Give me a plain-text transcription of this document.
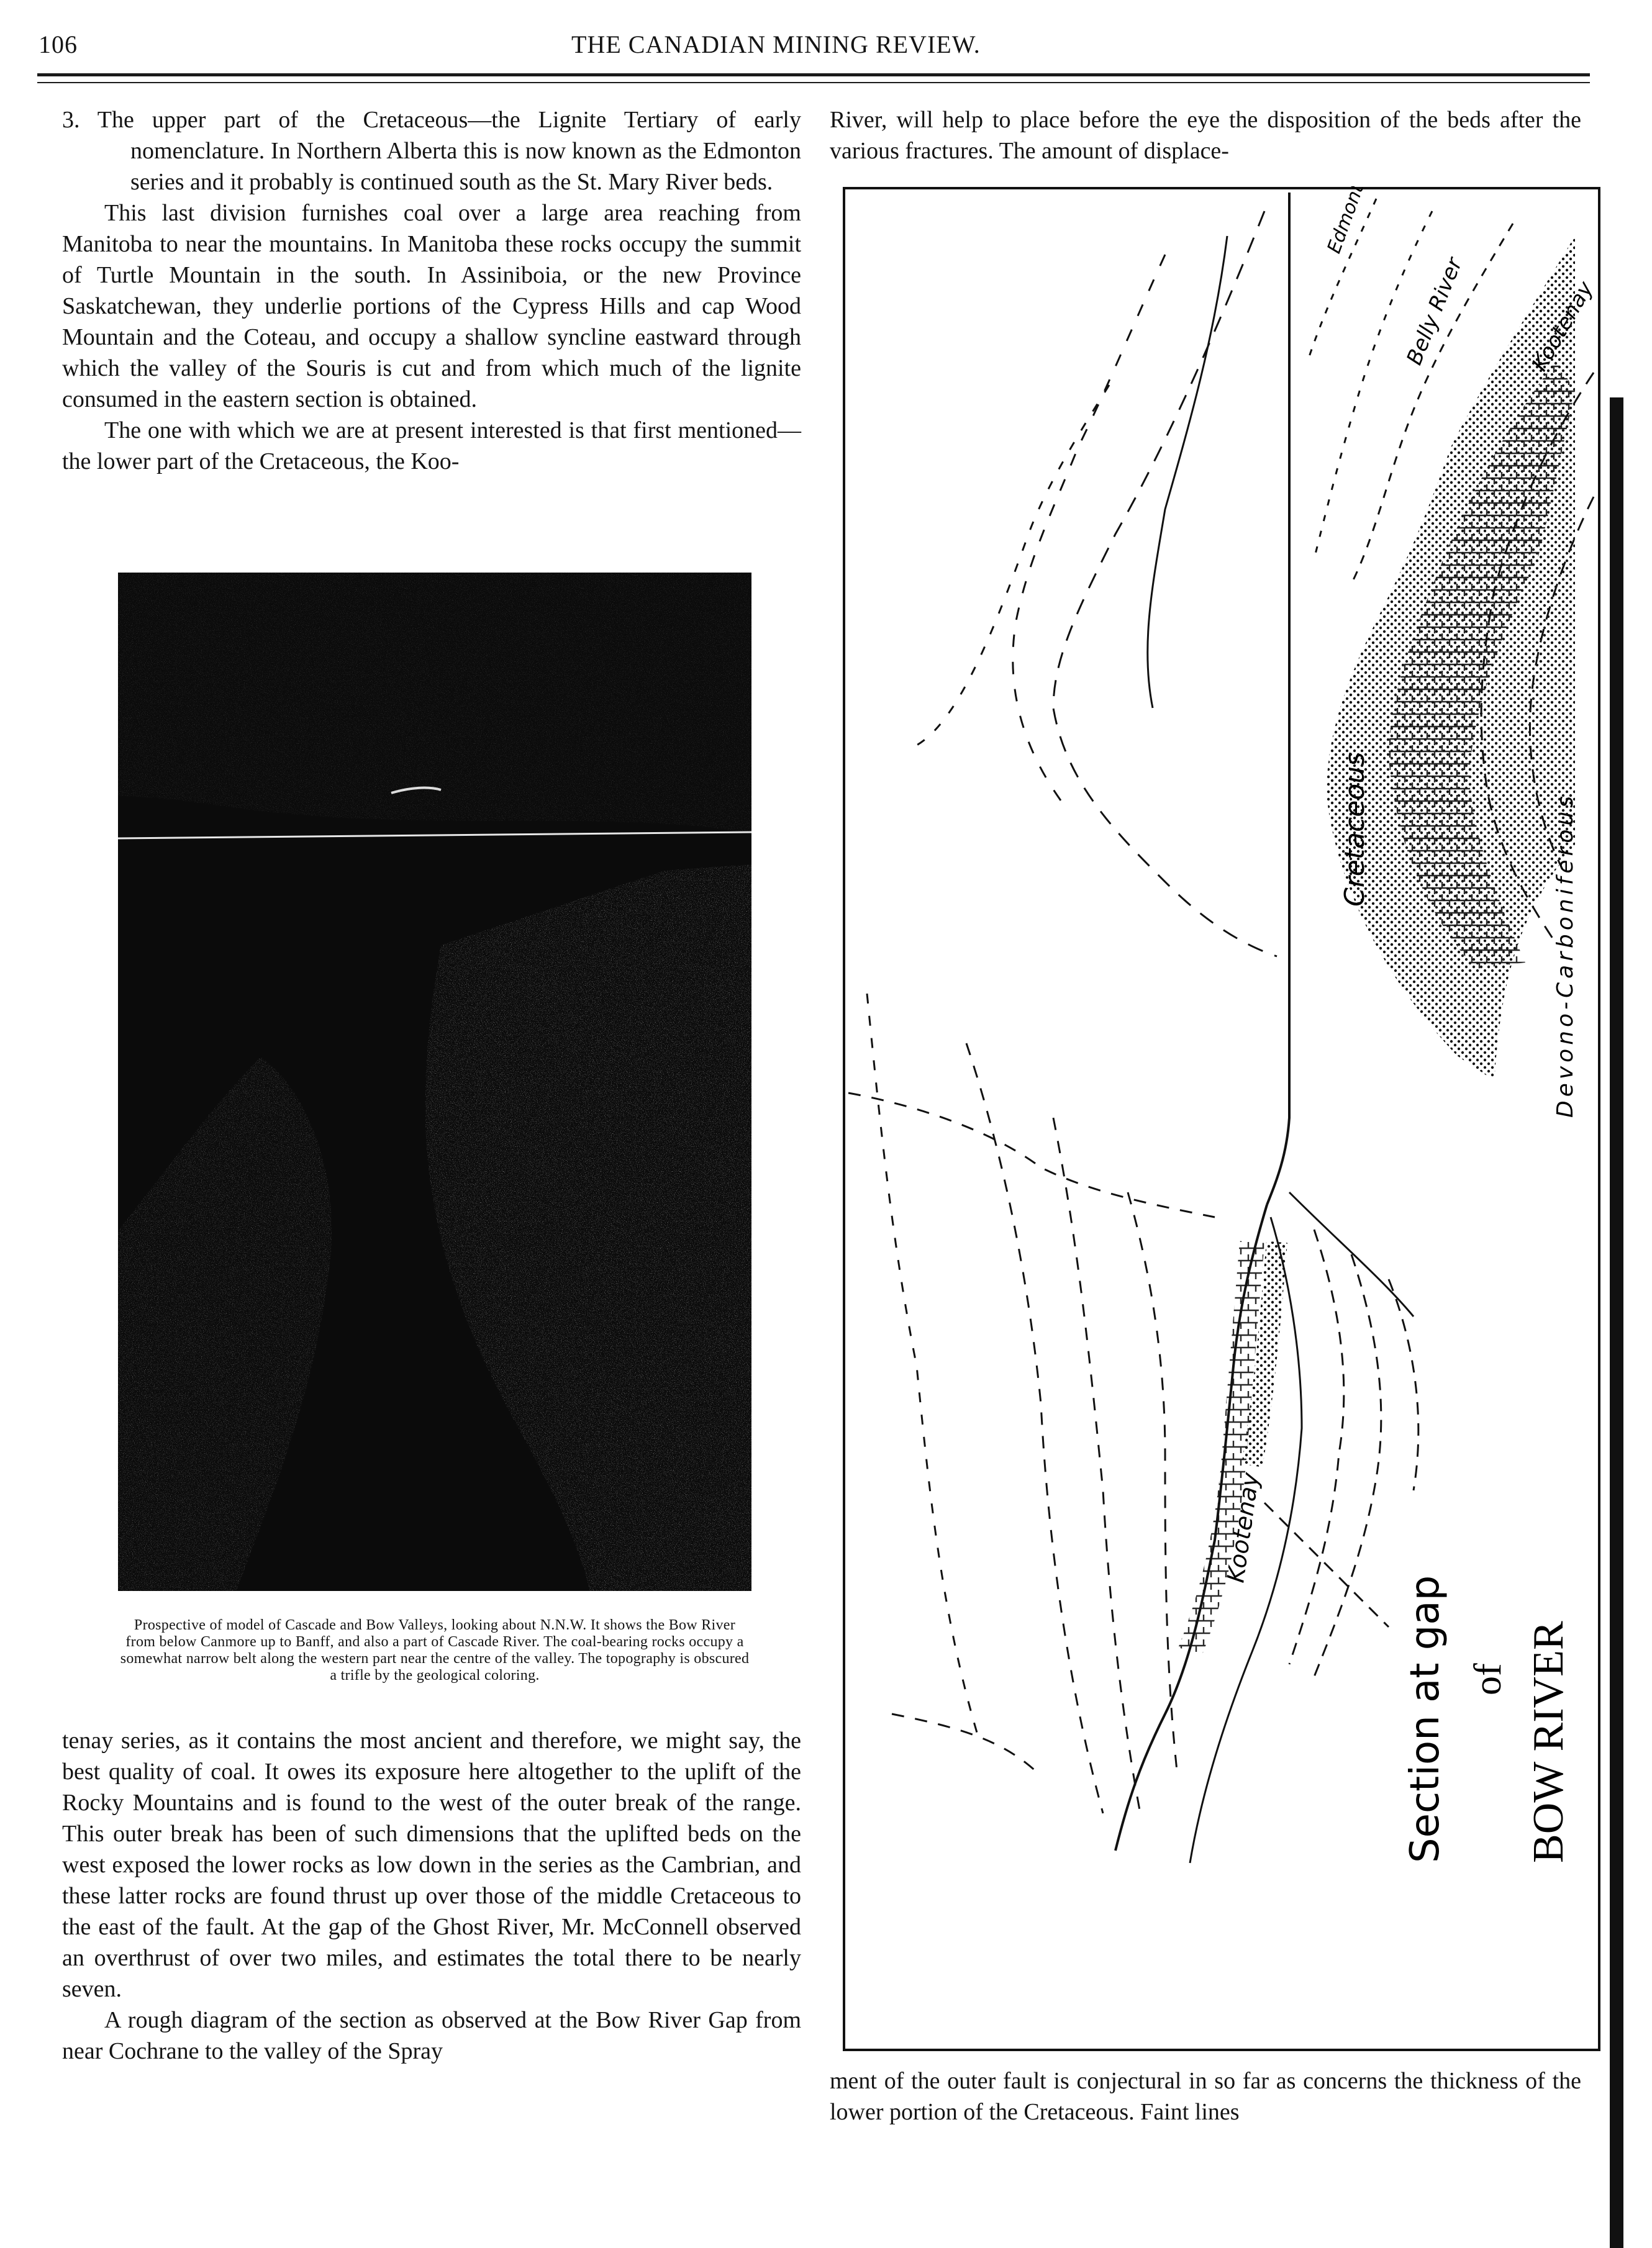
106	THE CANADIAN MINING REVIEW.

3. The upper part of the Cretaceous—the Lignite Tertiary of early nomenclature. In Northern Alberta this is now known as the Edmonton series and it probably is continued south as the St. Mary River beds.

This last division furnishes coal over a large area reaching from Manitoba to near the mountains. In Manitoba these rocks occupy the summit of Turtle Mountain in the south. In Assiniboia, or the new Province Saskatchewan, they underlie portions of the Cypress Hills and cap Wood Mountain and the Coteau, and occupy a shallow syncline eastward through which the valley of the Souris is cut and from which much of the lignite consumed in the eastern section is obtained.

The one with which we are at present interested is that first mentioned—the lower part of the Cretaceous, the Koo-

Prospective of model of Cascade and Bow Valleys, looking about N.N.W. It shows the Bow River from below Canmore up to Banff, and also a part of Cascade River. The coal-bearing rocks occupy a somewhat narrow belt along the western part near the centre of the valley. The topography is obscured a trifle by the geological coloring.

tenay series, as it contains the most ancient and therefore, we might say, the best quality of coal. It owes its exposure here altogether to the uplift of the Rocky Mountains and is found to the west of the outer break of the range. This outer break has been of such dimensions that the uplifted beds on the west exposed the lower rocks as low down in the series as the Cambrian, and these latter rocks are found thrust up over those of the middle Cretaceous to the east of the fault. At the gap of the Ghost River, Mr. McConnell observed an overthrust of over two miles, and estimates the total there to be nearly seven.

A rough diagram of the section as observed at the Bow River Gap from near Cochrane to the valley of the Spray

River, will help to place before the eye the disposition of the beds after the various fractures. The amount of displace-
ment of the outer fault is conjectural in so far as concerns the thickness of the lower portion of the Cretaceous. Faint lines
Edmonton
Belly River	Kootenay
Cretaceous	Devono-Carboniferous
Kootenay
Section at gap of BOW RIVER
